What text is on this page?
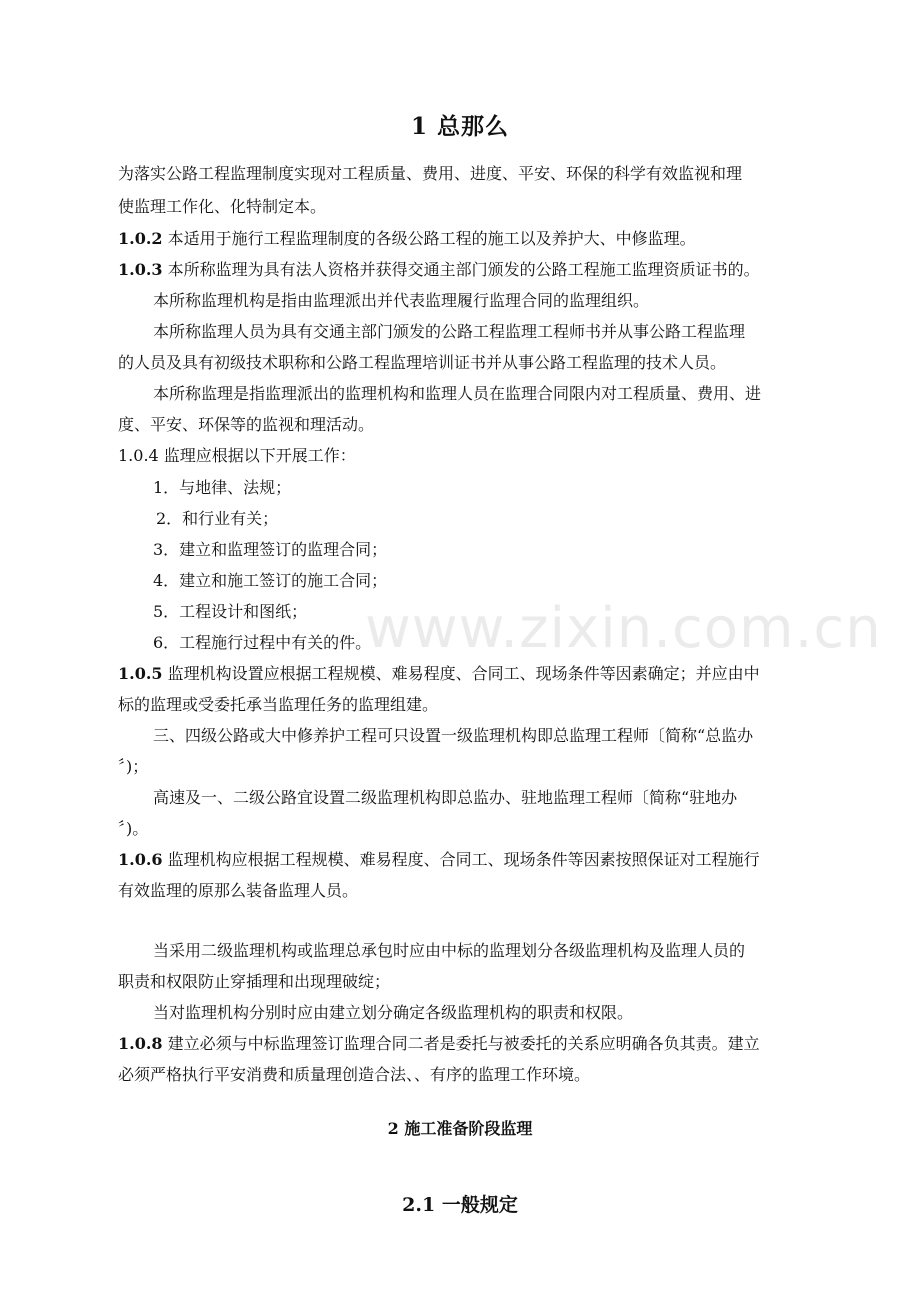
1 总那么
为落实公路工程监理制度实现对工程质量、费用、进度、平安、环保的科学有效监视和理
使监理工作化、化特制定本。
1.0.2 本适用于施行工程监理制度的各级公路工程的施工以及养护大、中修监理。
1.0.3 本所称监理为具有法人资格并获得交通主部门颁发的公路工程施工监理资质证书的。
本所称监理机构是指由监理派出并代表监理履行监理合同的监理组织。
本所称监理人员为具有交通主部门颁发的公路工程监理工程师书并从事公路工程监理
的人员及具有初级技术职称和公路工程监理培训证书并从事公路工程监理的技术人员。
本所称监理是指监理派出的监理机构和监理人员在监理合同限内对工程质量、费用、进
度、平安、环保等的监视和理活动。
1.0.4 监理应根据以下开展工作：
1．与地律、法规；
2．和行业有关；
3．建立和监理签订的监理合同；
4．建立和施工签订的施工合同；
5．工程设计和图纸；
6．工程施行过程中有关的件。
1.0.5 监理机构设置应根据工程规模、难易程度、合同工、现场条件等因素确定；并应由中
标的监理或受委托承当监理任务的监理组建。
三、四级公路或大中修养护工程可只设置一级监理机构即总监理工程师〔简称“总监办
〞)；
高速及一、二级公路宜设置二级监理机构即总监办、驻地监理工程师〔简称“驻地办
〞)。
1.0.6 监理机构应根据工程规模、难易程度、合同工、现场条件等因素按照保证对工程施行
有效监理的原那么装备监理人员。
当采用二级监理机构或监理总承包时应由中标的监理划分各级监理机构及监理人员的
职责和权限防止穿插理和出现理破绽；
当对监理机构分别时应由建立划分确定各级监理机构的职责和权限。
1.0.8 建立必须与中标监理签订监理合同二者是委托与被委托的关系应明确各负其责。建立
必须严格执行平安消费和质量理创造合法、、有序的监理工作环境。
2 施工准备阶段监理
2.1 一般规定
www.zixin.com.cn
